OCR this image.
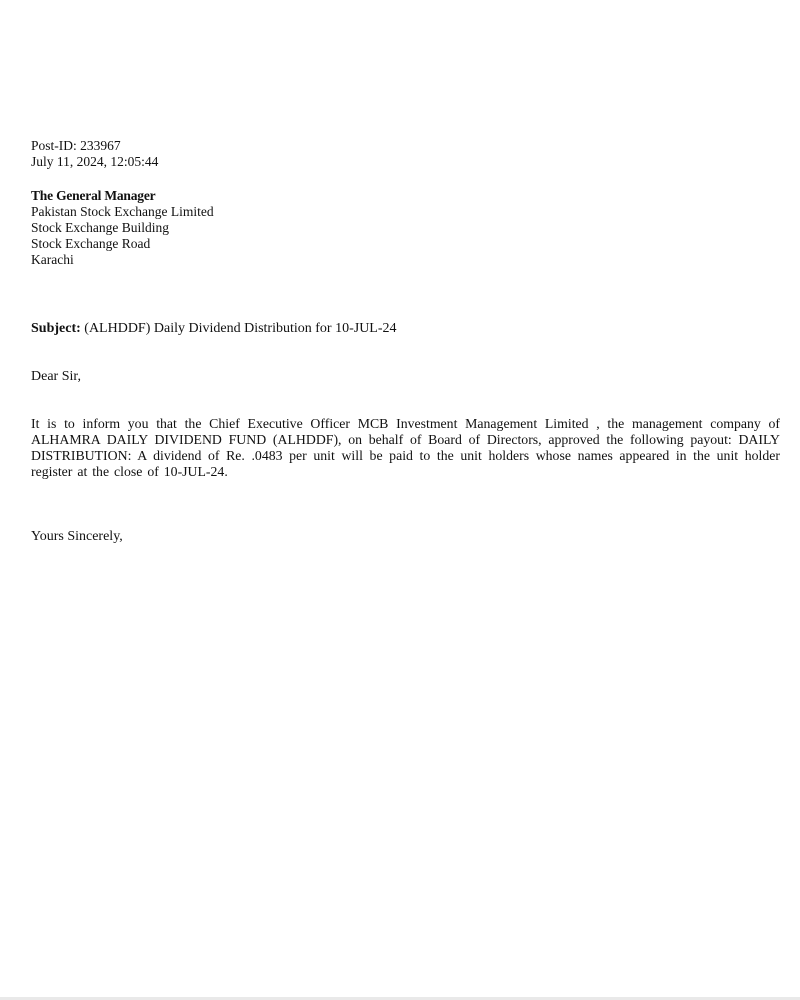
Post-ID: 233967
July 11, 2024, 12:05:44
The General Manager
Pakistan Stock Exchange Limited
Stock Exchange Building
Stock Exchange Road
Karachi
Subject: (ALHDDF) Daily Dividend Distribution for 10-JUL-24
Dear Sir,
It is to inform you that the Chief Executive Officer MCB Investment Management Limited , the management company of ALHAMRA DAILY DIVIDEND FUND (ALHDDF), on behalf of Board of Directors, approved the following payout: DAILY DISTRIBUTION: A dividend of Re. .0483 per unit will be paid to the unit holders whose names appeared in the unit holder register at the close of 10-JUL-24.
Yours Sincerely,
